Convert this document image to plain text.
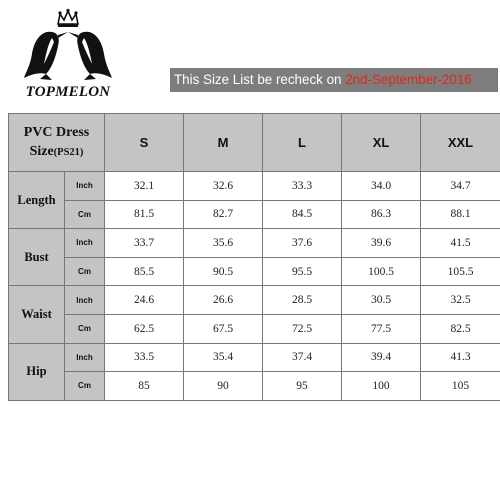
TOPMELON
This Size List be recheck on 2nd-September-2016
PVC Dress
Size(PS21)		S	M	L	XL	XXL
Length	Inch	32.1	32.6	33.3	34.0	34.7
	Cm	81.5	82.7	84.5	86.3	88.1
Bust	Inch	33.7	35.6	37.6	39.6	41.5
	Cm	85.5	90.5	95.5	100.5	105.5
Waist	Inch	24.6	26.6	28.5	30.5	32.5
	Cm	62.5	67.5	72.5	77.5	82.5
Hip	Inch	33.5	35.4	37.4	39.4	41.3
	Cm	85	90	95	100	105
